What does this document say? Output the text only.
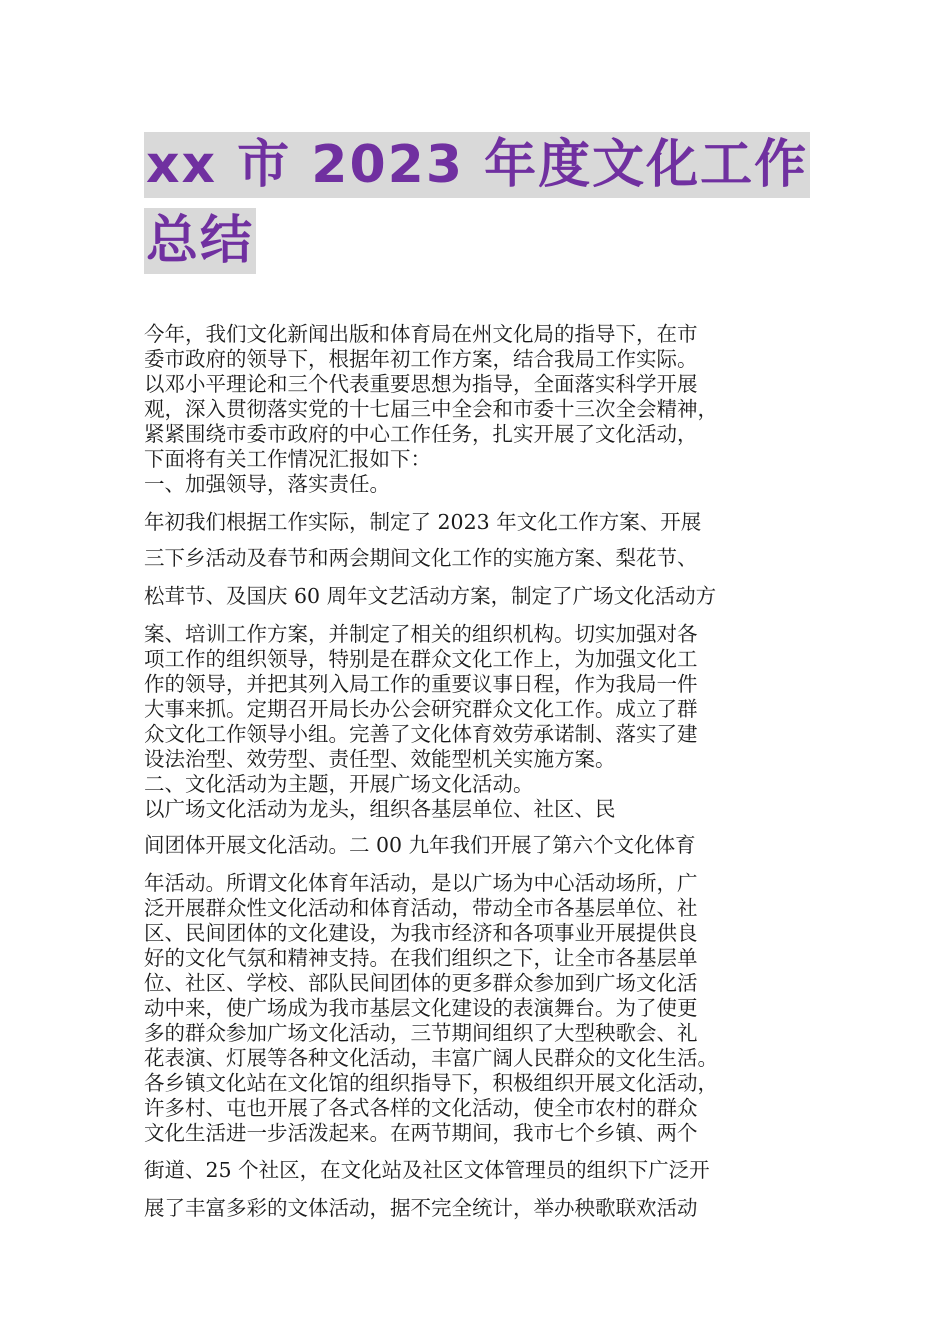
xx 市 2023 年度文化工作
总结
今年，我们文化新闻出版和体育局在州文化局的指导下，在市
委市政府的领导下，根据年初工作方案，结合我局工作实际。
以邓小平理论和三个代表重要思想为指导，全面落实科学开展
观，深入贯彻落实党的十七届三中全会和市委十三次全会精神，
紧紧围绕市委市政府的中心工作任务，扎实开展了文化活动，
下面将有关工作情况汇报如下：
一、加强领导，落实责任。
年初我们根据工作实际，制定了 2023 年文化工作方案、开展
三下乡活动及春节和两会期间文化工作的实施方案、梨花节、
松茸节、及国庆 60 周年文艺活动方案，制定了广场文化活动方
案、培训工作方案，并制定了相关的组织机构。切实加强对各
项工作的组织领导，特别是在群众文化工作上，为加强文化工
作的领导，并把其列入局工作的重要议事日程，作为我局一件
大事来抓。定期召开局长办公会研究群众文化工作。成立了群
众文化工作领导小组。完善了文化体育效劳承诺制、落实了建
设法治型、效劳型、责任型、效能型机关实施方案。
二、文化活动为主题，开展广场文化活动。
以广场文化活动为龙头，组织各基层单位、社区、民
间团体开展文化活动。二 00 九年我们开展了第六个文化体育
年活动。所谓文化体育年活动，是以广场为中心活动场所，广
泛开展群众性文化活动和体育活动，带动全市各基层单位、社
区、民间团体的文化建设，为我市经济和各项事业开展提供良
好的文化气氛和精神支持。在我们组织之下，让全市各基层单
位、社区、学校、部队民间团体的更多群众参加到广场文化活
动中来，使广场成为我市基层文化建设的表演舞台。为了使更
多的群众参加广场文化活动，三节期间组织了大型秧歌会、礼
花表演、灯展等各种文化活动，丰富广阔人民群众的文化生活。
各乡镇文化站在文化馆的组织指导下，积极组织开展文化活动，
许多村、屯也开展了各式各样的文化活动，使全市农村的群众
文化生活进一步活泼起来。在两节期间，我市七个乡镇、两个
街道、25 个社区，在文化站及社区文体管理员的组织下广泛开
展了丰富多彩的文体活动，据不完全统计，举办秧歌联欢活动
